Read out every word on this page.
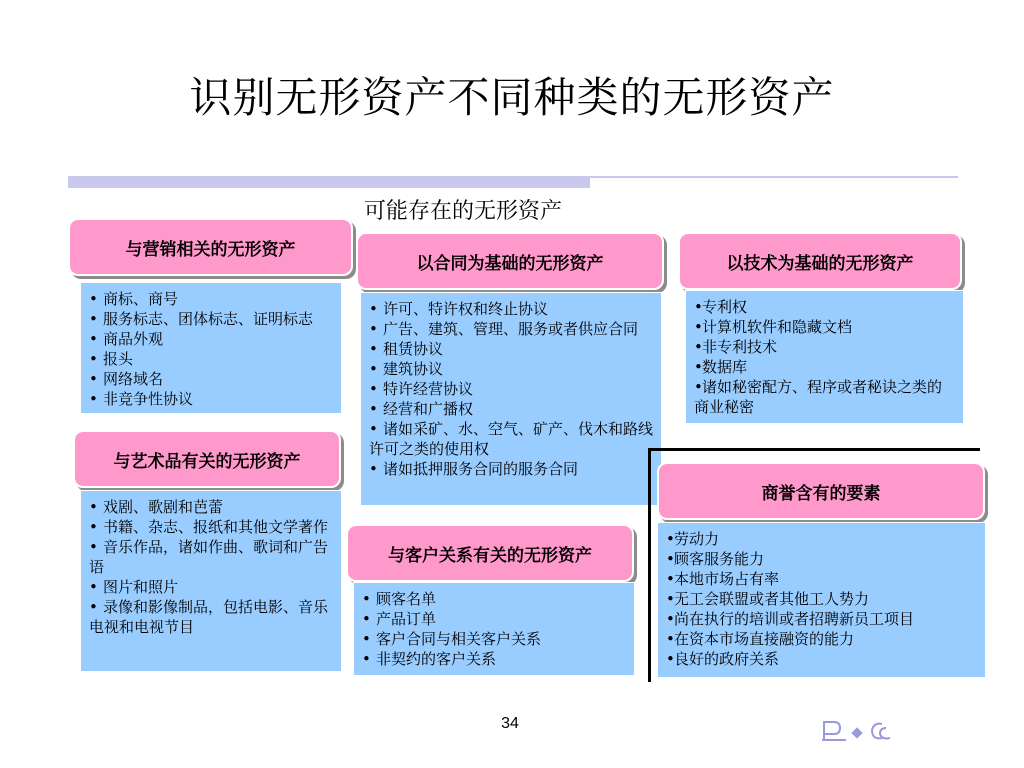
识别无形资产不同种类的无形资产
可能存在的无形资产
与营销相关的无形资产
• 商标、商号
• 服务标志、团体标志、证明标志
• 商品外观
• 报头
• 网络域名
• 非竞争性协议
以合同为基础的无形资产
• 许可、特许权和终止协议
• 广告、建筑、管理、服务或者供应合同
• 租赁协议
• 建筑协议
• 特许经营协议
• 经营和广播权
• 诸如采矿、水、空气、矿产、伐木和路线许可之类的使用权
• 诸如抵押服务合同的服务合同
以技术为基础的无形资产
• 专利权
• 计算机软件和隐藏文档
• 非专利技术
• 数据库
• 诸如秘密配方、程序或者秘诀之类的商业秘密
与艺术品有关的无形资产
• 戏剧、歌剧和芭蕾
• 书籍、杂志、报纸和其他文学著作
• 音乐作品，诸如作曲、歌词和广告　语
• 图片和照片
• 录像和影像制品，包括电影、音乐电视和电视节目
与客户关系有关的无形资产
• 顾客名单
• 产品订单
• 客户合同与相关客户关系
• 非契约的客户关系
商誉含有的要素
• 劳动力
• 顾客服务能力
• 本地市场占有率
• 无工会联盟或者其他工人势力
• 尚在执行的培训或者招聘新员工项目
• 在资本市场直接融资的能力
• 良好的政府关系
34
